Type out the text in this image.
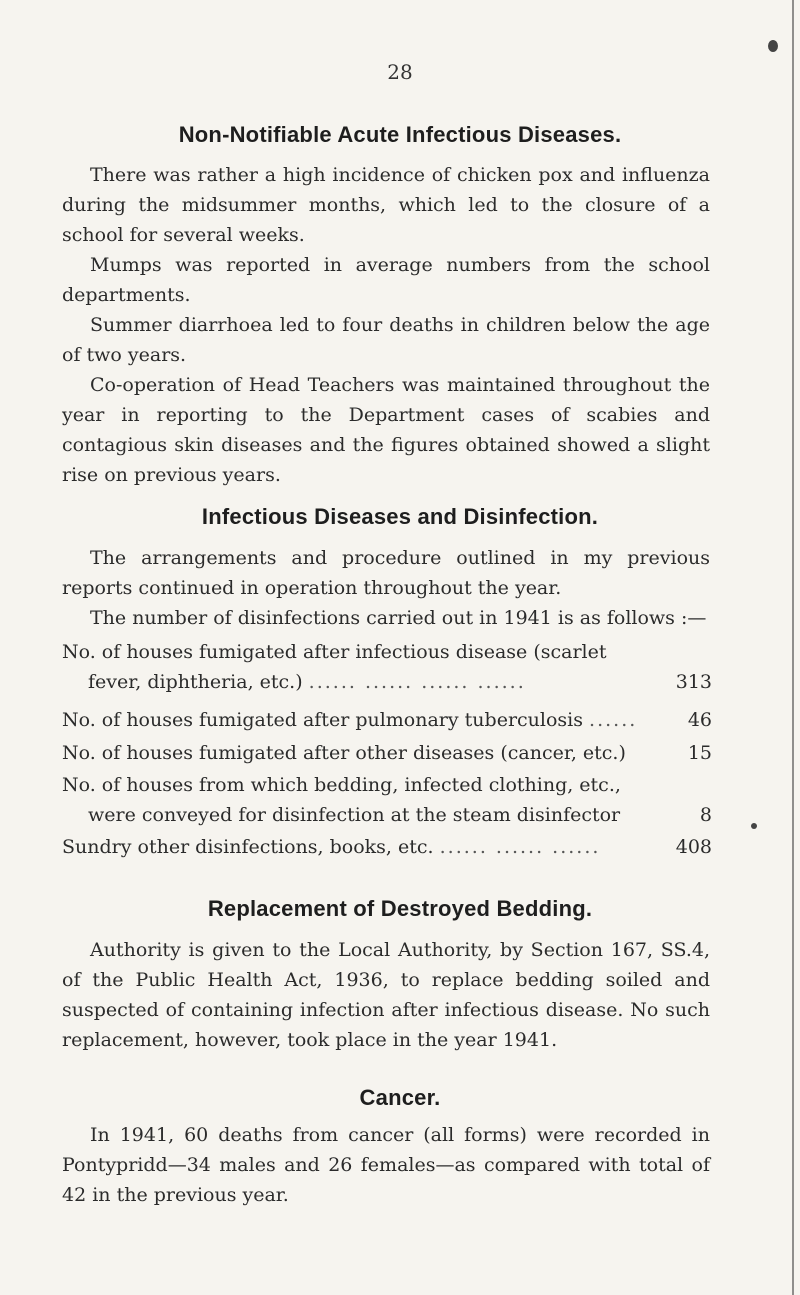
28
Non-Notifiable Acute Infectious Diseases.

There was rather a high incidence of chicken pox and influenza during the midsummer months, which led to the closure of a school for several weeks.

Mumps was reported in average numbers from the school departments.

Summer diarrhoea led to four deaths in children below the age of two years.

Co-operation of Head Teachers was maintained throughout the year in reporting to the Department cases of scabies and contagious skin diseases and the figures obtained showed a slight rise on previous years.

Infectious Diseases and Disinfection.

The arrangements and procedure outlined in my previous reports continued in operation throughout the year.

The number of disinfections carried out in 1941 is as follows :—

No. of houses fumigated after infectious disease (scarlet
fever, diphtheria, etc.) ...... ...... ...... ......	313
No. of houses fumigated after pulmonary tuberculosis ......	46
No. of houses fumigated after other diseases (cancer, etc.)	15
No. of houses from which bedding, infected clothing, etc.,
were conveyed for disinfection at the steam disinfector	8
Sundry other disinfections, books, etc. ...... ...... ......	408
Replacement of Destroyed Bedding.

Authority is given to the Local Authority, by Section 167, SS.4, of the Public Health Act, 1936, to replace bedding soiled and suspected of containing infection after infectious disease. No such replacement, however, took place in the year 1941.

Cancer.

In 1941, 60 deaths from cancer (all forms) were recorded in Pontypridd—34 males and 26 females—as compared with total of 42 in the previous year.
